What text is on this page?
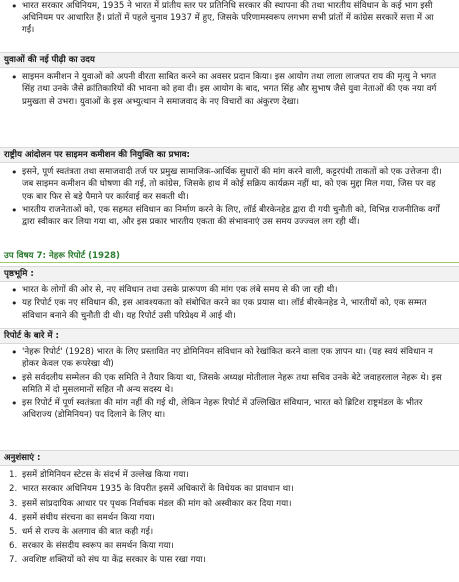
• भारत सरकार अधिनियम, 1935 ने भारत में प्रांतीय स्तर पर प्रतिनिधि सरकार की स्थापना की तथा भारतीय संविधान के कई भाग इसी अधिनियम पर आधारित हैं। प्रांतों में पहले चुनाव 1937 में हुए, जिसके परिणामस्वरूप लगभग सभी प्रांतों में कांग्रेस सरकारें सत्ता में आ गईं।
युवाओं की नई पीढ़ी का उदय
• साइमन कमीशन ने युवाओं को अपनी वीरता साबित करने का अवसर प्रदान किया। इस आयोग तथा लाला लाजपत राय की मृत्यु ने भगत सिंह तथा उनके जैसे क्रांतिकारियों की भावना को हवा दी। इस आयोग के बाद, भगत सिंह और सुभाष जैसे युवा नेताओं की एक नया वर्ग प्रमुखता से उभरा। युवाओं के इस अभ्युत्थान ने समाजवाद के नए विचारों का अंकुरण देखा।
राष्ट्रीय आंदोलन पर साइमन कमीशन की नियुक्ति का प्रभाव:
• इसने, पूर्ण स्वतंत्रता तथा समाजवादी तर्ज पर प्रमुख सामाजिक-आर्थिक सुधारों की मांग करने वाली, कट्टरपंथी ताकतों को एक उत्तेजना दी। जब साइमन कमीशन की घोषणा की गई, तो कांग्रेस, जिसके हाथ में कोई सक्रिय कार्यक्रम नहीं था, को एक मुद्दा मिल गया, जिस पर वह एक बार फिर से बड़े पैमाने पर कार्रवाई कर सकती थी।
• भारतीय राजनेताओं को, एक सहमत संविधान का निर्माण करने के लिए, लॉर्ड बीरकेनहेड द्वारा दी गयी चुनौती को, विभिन्न राजनीतिक वर्गों द्वारा स्वीकार कर लिया गया था, और इस प्रकार भारतीय एकता की संभावनाएं उस समय उज्ज्वल लग रही थीं।
उप विषय 7: नेहरू रिपोर्ट (1928)
पृष्ठभूमि :
• भारत के लोगों की ओर से, नए संविधान तथा उसके प्रारूपण की मांग एक लंबे समय से की जा रही थी।
• यह रिपोर्ट एक नए संविधान की, इस आवश्यकता को संबोधित करने का एक प्रयास था। लॉर्ड बीरकेनहेड ने, भारतीयों को, एक सम्मत संविधान बनाने की चुनौती दी थी। यह रिपोर्ट उसी परिप्रेक्ष्य में आई थी।
रिपोर्ट के बारे में :
• 'नेहरू रिपोर्ट' (1928) भारत के लिए प्रस्तावित नए डोमिनियन संविधान को रेखांकित करने वाला एक ज्ञापन था। (यह स्वयं संविधान न होकर केवल एक रूपरेखा थी)
• इसे सर्वदलीय सम्मेलन की एक समिति ने तैयार किया था, जिसके अध्यक्ष मोतीलाल नेहरू तथा सचिव उनके बेटे जवाहरलाल नेहरू थे। इस समिति में दो मुसलमानों सहित नौ अन्य सदस्य थे।
• इस रिपोर्ट में पूर्ण स्वतंत्रता की मांग नहीं की गई थी, लेकिन नेहरू रिपोर्ट में उल्लिखित संविधान, भारत को ब्रिटिश राष्ट्रमंडल के भीतर अधिराज्य (डोमिनियन) पद दिलाने के लिए था।
अनुशंसाएं :
1. इसमें डोमिनियन स्टेटस के संदर्भ में उल्लेख किया गया।
2. भारत सरकार अधिनियम 1935 के विपरीत इसमें अधिकारों के विधेयक का प्रावधान था।
3. इसमें सांप्रदायिक आधार पर पृथक निर्वाचक मंडल की मांग को अस्वीकार कर दिया गया।
4. इसमें संघीय संरचना का समर्थन किया गया।
5. धर्म से राज्य के अलगाव की बात कही गई।
6. सरकार के संसदीय स्वरूप का समर्थन किया गया।
7. अवशिष्ट शक्तियों को संघ या केंद्र सरकार के पास रखा गया।
